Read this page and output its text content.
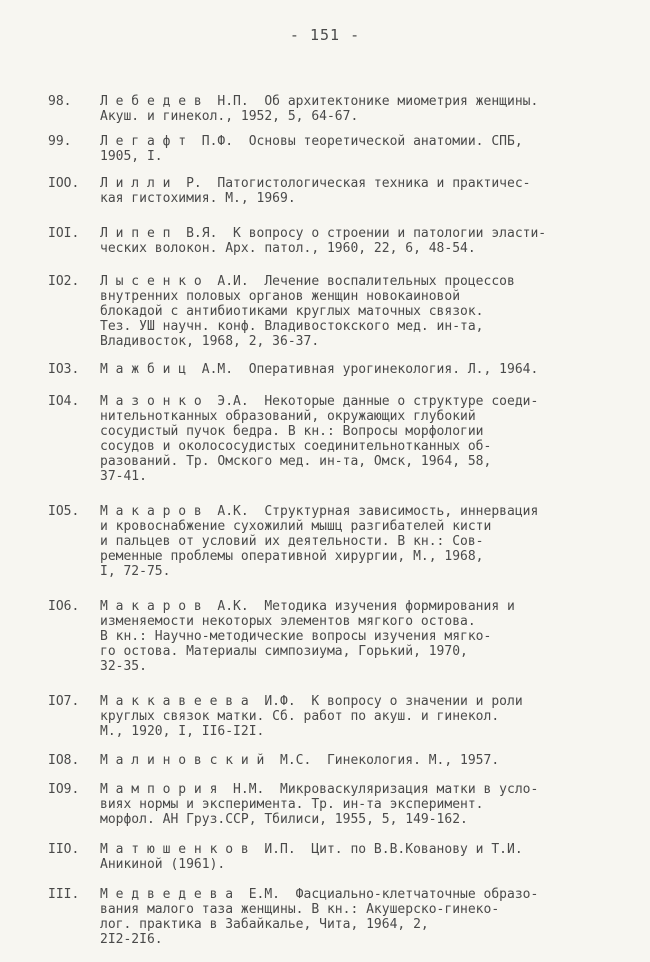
- 151 -
98.	Л е б е д е в  Н.П.  Об архитектонике миометрия женщины.
Акуш. и гинекол., 1952, 5, 64-67.
99.	Л е г а ф т  П.Ф.  Основы теоретической анатомии. СПБ,
1905, I.
IOO.	Л и л л и  Р.  Патогистологическая техника и практичес-
кая гистохимия. М., 1969.
IOI.	Л и п е п  В.Я.  К вопросу о строении и патологии эласти-
ческих волокон. Арх. патол., 1960, 22, 6, 48-54.
IO2.	Л ы с е н к о  А.И.  Лечение воспалительных процессов
внутренних половых органов женщин новокаиновой
блокадой с антибиотиками круглых маточных связок.
Тез. УШ научн. конф. Владивостокского мед. ин-та,
Владивосток, 1968, 2, 36-37.
IO3.	М а ж б и ц  А.М.  Оперативная урогинекология. Л., 1964.
IO4.	М а з о н к о  Э.А.  Некоторые данные о структуре соеди-
нительнотканных образований, окружающих глубокий
сосудистый пучок бедра. В кн.: Вопросы морфологии
сосудов и околососудистых соединительнотканных об-
разований. Тр. Омского мед. ин-та, Омск, 1964, 58,
37-41.
IO5.	М а к а р о в  А.К.  Структурная зависимость, иннервация
и кровоснабжение сухожилий мышц разгибателей кисти
и пальцев от условий их деятельности. В кн.: Сов-
ременные проблемы оперативной хирургии, М., 1968,
I, 72-75.
IO6.	М а к а р о в  А.К.  Методика изучения формирования и
изменяемости некоторых элементов мягкого остова.
В кн.: Научно-методические вопросы изучения мягко-
го остова. Материалы симпозиума, Горький, 1970,
32-35.
IO7.	М а к к а в е е в а  И.Ф.  К вопросу о значении и роли
круглых связок матки. Сб. работ по акуш. и гинекол.
М., 1920, I, II6-I2I.
IO8.	М а л и н о в с к и й  М.С.  Гинекология. М., 1957.
IO9.	М а м п о р и я  Н.М.  Микроваскуляризация матки в усло-
виях нормы и эксперимента. Тр. ин-та эксперимент.
морфол. АН Груз.ССР, Тбилиси, 1955, 5, 149-162.
IIO.	М а т ю ш е н к о в  И.П.  Цит. по В.В.Кованову и Т.И.
Аникиной (1961).
III.	М е д в е д е в а  Е.М.  Фасциально-клетчаточные образо-
вания малого таза женщины. В кн.: Акушерско-гинеко-
лог. практика в Забайкалье, Чита, 1964, 2,
2I2-2I6.
